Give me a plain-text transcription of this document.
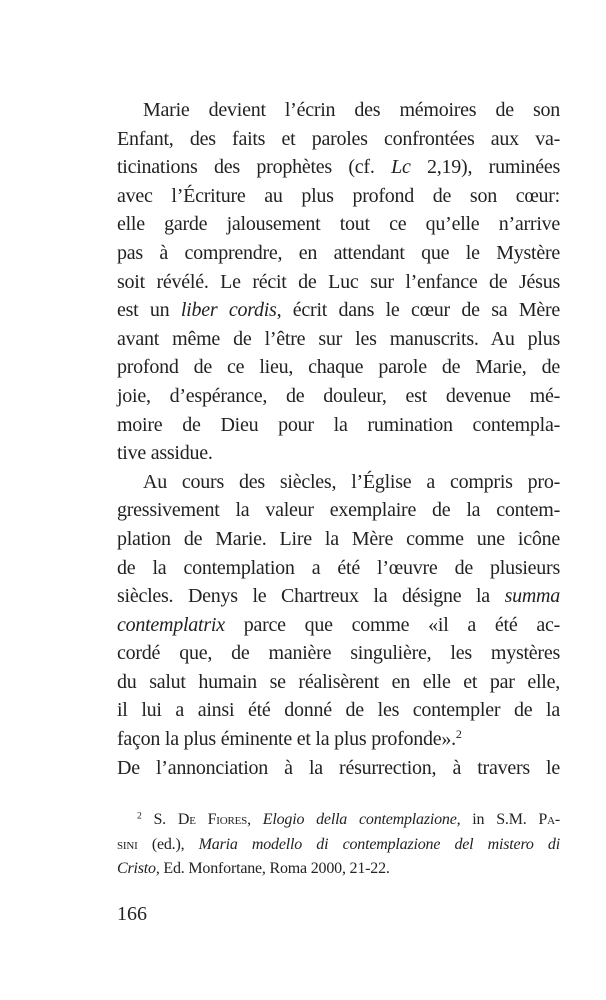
Marie devient l’écrin des mémoires de son
Enfant, des faits et paroles confrontées aux va-
ticinations des prophètes (cf. Lc 2,19), ruminées
avec l’Écriture au plus profond de son cœur:
elle garde jalousement tout ce qu’elle n’arrive
pas à comprendre, en attendant que le Mystère
soit révélé. Le récit de Luc sur l’enfance de Jésus
est un liber cordis, écrit dans le cœur de sa Mère
avant même de l’être sur les manuscrits. Au plus
profond de ce lieu, chaque parole de Marie, de
joie, d’espérance, de douleur, est devenue mé-
moire de Dieu pour la rumination contempla-
tive assidue.
Au cours des siècles, l’Église a compris pro-
gressivement la valeur exemplaire de la contem-
plation de Marie. Lire la Mère comme une icône
de la contemplation a été l’œuvre de plusieurs
siècles. Denys le Chartreux la désigne la summa
contemplatrix parce que comme «il a été ac-
cordé que, de manière singulière, les mystères
du salut humain se réalisèrent en elle et par elle,
il lui a ainsi été donné de les contempler de la
façon la plus éminente et la plus profonde».$^2$
De l’annonciation à la résurrection, à travers le
$^2$ S. De Fiores, Elogio della contemplazione, in S.M. Pa-
sini (ed.), Maria modello di contemplazione del mistero di
Cristo, Ed. Monfortane, Roma 2000, 21-22.
166
